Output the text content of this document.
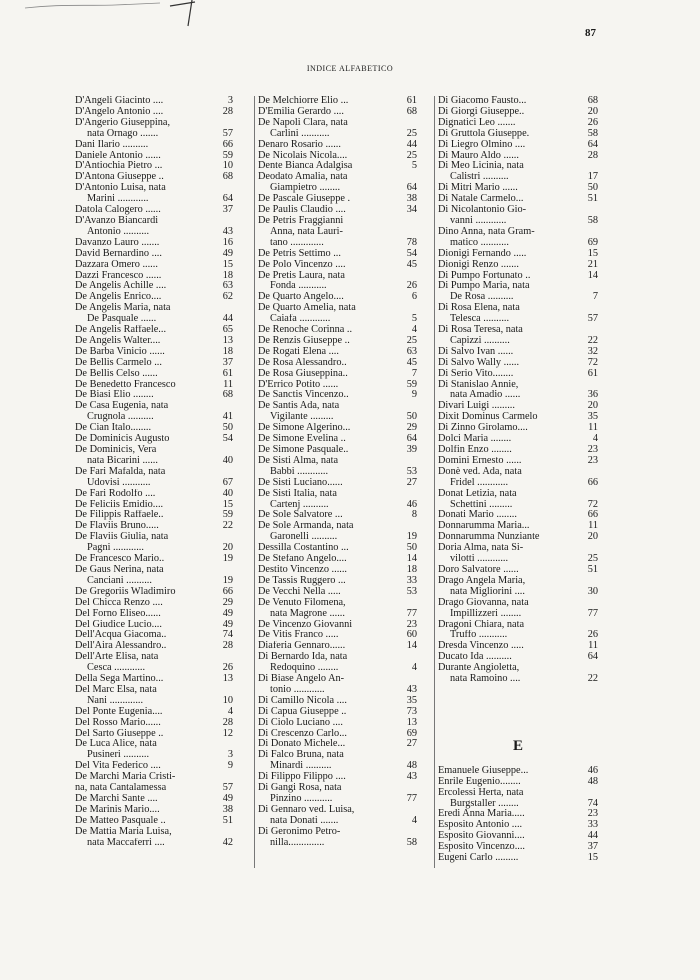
87
INDICE ALFABETICO
D'Angeli Giacinto ....	3
D'Angelo Antonio ....	28
D'Angerio Giuseppina,
nata Ornago .......	57
Dani Ilario ..........	66
Daniele Antonio ......	59
D'Antiochia Pietro ...	10
D'Antona Giuseppe ..	68
D'Antonio Luisa, nata
Marini ............	64
Datola Calogero ......	37
D'Avanzo Biancardi
Antonio ..........	43
Davanzo Lauro .......	16
David Bernardino ....	49
Dazzara Omero ......	15
Dazzi Francesco ......	18
De Angelis Achille ....	63
De Angelis Enrico....	62
De Angelis Maria, nata
De Pasquale ......	44
De Angelis Raffaele...	65
De Angelis Walter....	13
De Barba Vinicio ......	18
De Bellis Carmelo ...	37
De Bellis Celso ......	61
De Benedetto Francesco	11
De Biasi Elio ........	68
De Casa Eugenia, nata
Crugnola ..........	41
De Cian Italo........	50
De Dominicis Augusto	54
De Dominicis, Vera
nata Bicarini ......	40
De Fari Mafalda, nata
Udovisi ...........	67
De Fari Rodolfo ....	40
De Feliciis Emidio....	15
De Filippis Raffaele..	59
De Flaviis Bruno.....	22
De Flaviis Giulia, nata
Pagni ............	20
De Francesco Mario..	19
De Gaus Nerina, nata
Canciani ..........	19
De Gregoriis Wladimiro	66
Del Chicca Renzo ....	29
Del Forno Eliseo......	49
Del Giudice Lucio....	49
Dell'Acqua Giacoma..	74
Dell'Aira Alessandro..	28
Dell'Arte Elisa, nata
Cesca ............	26
Della Sega Martino...	13
Del Marc Elsa, nata
Nani .............	10
Del Ponte Eugenia....	4
Del Rosso Mario......	28
Del Sarto Giuseppe ..	12
De Luca Alice, nata
Pusineri ..........	3
Del Vita Federico ....	9
De Marchi Maria Cristi-
na, nata Cantalamessa	57
De Marchi Sante ....	49
De Marinis Mario....	38
De Matteo Pasquale ..	51
De Mattia Maria Luisa,
nata Maccaferri ....	42
De Melchiorre Elio ...	61
D'Emilia Gerardo ....	68
De Napoli Clara, nata
Carlini ...........	25
Denaro Rosario ......	44
De Nicolais Nicola....	25
Dente Bianca Adalgisa	5
Deodato Amalia, nata
Giampietro ........	64
De Pascale Giuseppe .	38
De Paulis Claudio ....	34
De Petris Fraggianni
Anna, nata Lauri-
tano .............	78
De Petris Settimo ...	54
De Polo Vincenzo ....	45
De Pretis Laura, nata
Fonda ...........	26
De Quarto Angelo....	6
De Quarto Amelia, nata
Caiafa ............	5
De Renoche Corinna ..	4
De Renzis Giuseppe ..	25
De Rogati Elena ....	63
De Rosa Alessandro..	45
De Rosa Giuseppina..	7
D'Errico Potito ......	59
De Sanctis Vincenzo..	9
De Santis Ada, nata
Vigilante .........	50
De Simone Algerino...	29
De Simone Evelina ..	64
De Simone Pasquale..	39
De Sisti Alma, nata
Babbi ............	53
De Sisti Luciano......	27
De Sisti Italia, nata
Cartenj ..........	46
De Sole Salvatore ...	8
De Sole Armanda, nata
Garonelli ..........	19
Dessilla Costantino ...	50
De Stefano Angelo....	14
Destito Vincenzo ......	18
De Tassis Ruggero ...	33
De Vecchi Nella .....	53
De Venuto Filomena,
nata Magrone ......	77
De Vincenzo Giovanni	23
De Vitis Franco .....	60
Diaferia Gennaro......	14
Di Bernardo Ida, nata
Redoquino ........	4
Di Biase Angelo An-
tonio ............	43
Di Camillo Nicola ....	35
Di Capua Giuseppe ..	73
Di Ciolo Luciano ....	13
Di Crescenzo Carlo...	69
Di Donato Michele...	27
Di Falco Bruna, nata
Minardi ..........	48
Di Filippo Filippo ....	43
Di Gangi Rosa, nata
Pinzino ...........	77
Di Gennaro ved. Luisa,
nata Donati .......	4
Di Geronimo Petro-
nilla..............	58
Di Giacomo Fausto...	68
Di Giorgi Giuseppe..	20
Dignatici Leo .......	26
Di Gruttola Giuseppe.	58
Di Liegro Olmino ....	64
Di Mauro Aldo ......	28
Di Meo Licinia, nata
Calistri ..........	17
Di Mitri Mario ......	50
Di Natale Carmelo...	51
Di Nicolantonio Gio-
vanni ............	58
Dino Anna, nata Gram-
matico ...........	69
Dionigi Fernando .....	15
Dionigi Renzo .......	21
Di Pumpo Fortunato ..	14
Di Pumpo Maria, nata
De Rosa ..........	7
Di Rosa Elena, nata
Telesca ..........	57
Di Rosa Teresa, nata
Capizzi ..........	22
Di Salvo Ivan ......	32
Di Salvo Wally ......	72
Di Serio Vito........	61
Di Stanislao Annie,
nata Amadio ......	36
Divari Luigi .........	20
Dixit Dominus Carmelo	35
Di Zinno Girolamo....	11
Dolci Maria ........	4
Dolfin Enzo ........	23
Domini Ernesto ......	23
Donè ved. Ada, nata
Fridel ............	66
Donat Letizia, nata
Schettini .........	72
Donati Mario ........	66
Donnarumma Maria...	11
Donnarumma Nunziante	20
Doria Alma, nata Si-
vilotti ............	25
Doro Salvatore ......	51
Drago Angela Maria,
nata Migliorini ....	30
Drago Giovanna, nata
Impillizzeri ........	77
Dragoni Chiara, nata
Truffo ...........	26
Dresda Vincenzo .....	11
Ducato Ida ..........	64
Durante Angioletta,
nata Ramoino ....	22
E
Emanuele Giuseppe...	46
Enrile Eugenio........	48
Ercolessi Herta, nata
Burgstaller ........	74
Eredi Anna Maria.....	23
Esposito Antonio ....	33
Esposito Giovanni....	44
Esposito Vincenzo....	37
Eugeni Carlo .........	15
